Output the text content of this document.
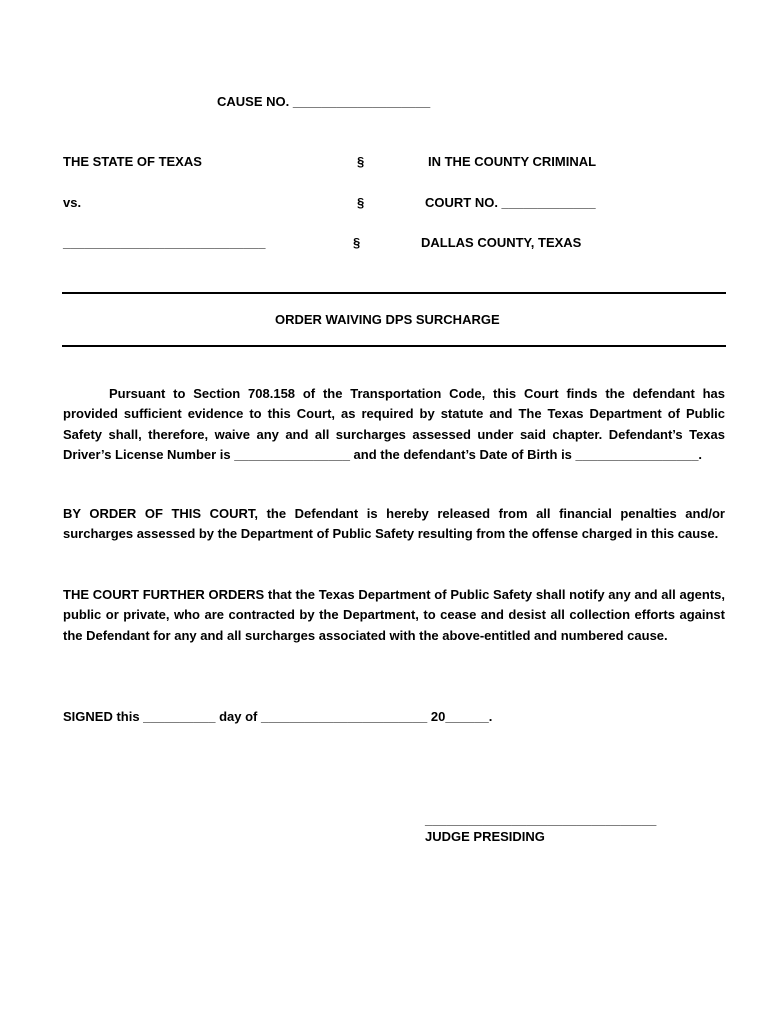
CAUSE NO. ___________________
THE STATE OF TEXAS	§	IN THE COUNTY CRIMINAL
vs.	§	COURT NO. _____________
____________________________	§	DALLAS COUNTY, TEXAS
ORDER WAIVING DPS SURCHARGE
Pursuant to Section 708.158 of the Transportation Code, this Court finds the defendant has provided sufficient evidence to this Court, as required by statute and The Texas Department of Public Safety shall, therefore, waive any and all surcharges assessed under said chapter. Defendant’s Texas Driver’s License Number is ________________ and the defendant’s Date of Birth is _________________.
BY ORDER OF THIS COURT, the Defendant is hereby released from all financial penalties and/or surcharges assessed by the Department of Public Safety resulting from the offense charged in this cause.
THE COURT FURTHER ORDERS that the Texas Department of Public Safety shall notify any and all agents, public or private, who are contracted by the Department, to cease and desist all collection efforts against the Defendant for any and all surcharges associated with the above-entitled and numbered cause.
SIGNED this __________ day of _______________________ 20______.
________________________________
JUDGE PRESIDING
